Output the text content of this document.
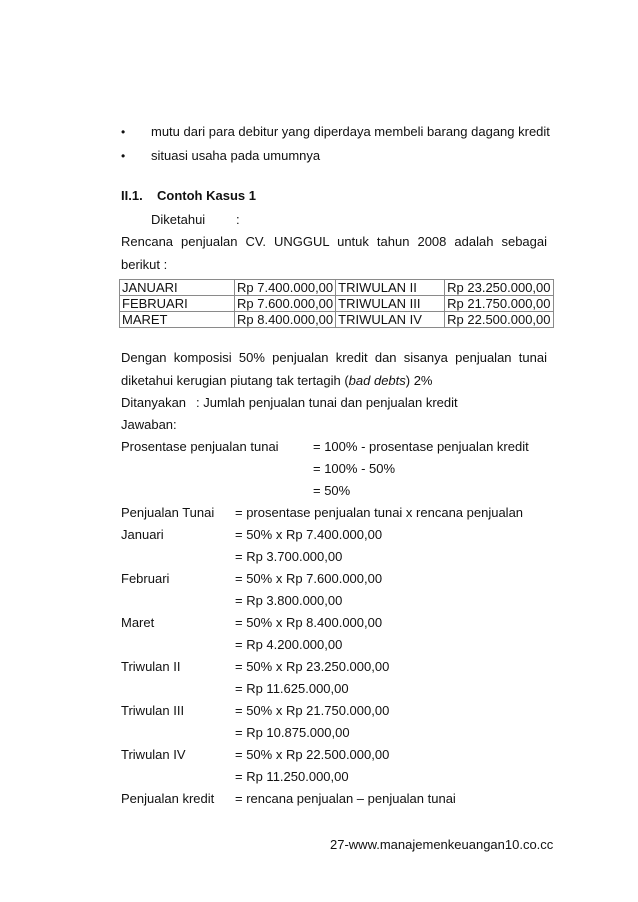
• mutu dari para debitur yang diperdaya membeli barang dagang kredit
• situasi usaha pada umumnya
II.1. Contoh Kasus 1
Diketahui :
Rencana penjualan CV. UNGGUL untuk tahun 2008 adalah sebagai
berikut :
JANUARI	Rp 7.400.000,00	TRIWULAN II	Rp 23.250.000,00
FEBRUARI	Rp 7.600.000,00	TRIWULAN III	Rp 21.750.000,00
MARET	Rp 8.400.000,00	TRIWULAN IV	Rp 22.500.000,00
Dengan komposisi 50% penjualan kredit dan sisanya penjualan tunai
diketahui kerugian piutang tak tertagih (bad debts) 2%
Ditanyakan : Jumlah penjualan tunai dan penjualan kredit
Jawaban:
Prosentase penjualan tunai	= 100% - prosentase penjualan kredit
= 100% - 50%
= 50%
Penjualan Tunai = prosentase penjualan tunai x rencana penjualan
Januari	= 50% x Rp 7.400.000,00
= Rp 3.700.000,00
Februari	= 50% x Rp 7.600.000,00
= Rp 3.800.000,00
Maret	= 50% x Rp 8.400.000,00
= Rp 4.200.000,00
Triwulan II	= 50% x Rp 23.250.000,00
= Rp 11.625.000,00
Triwulan III	= 50% x Rp 21.750.000,00
= Rp 10.875.000,00
Triwulan IV	= 50% x Rp 22.500.000,00
= Rp 11.250.000,00
Penjualan kredit = rencana penjualan – penjualan tunai
27-www.manajemenkeuangan10.co.cc
